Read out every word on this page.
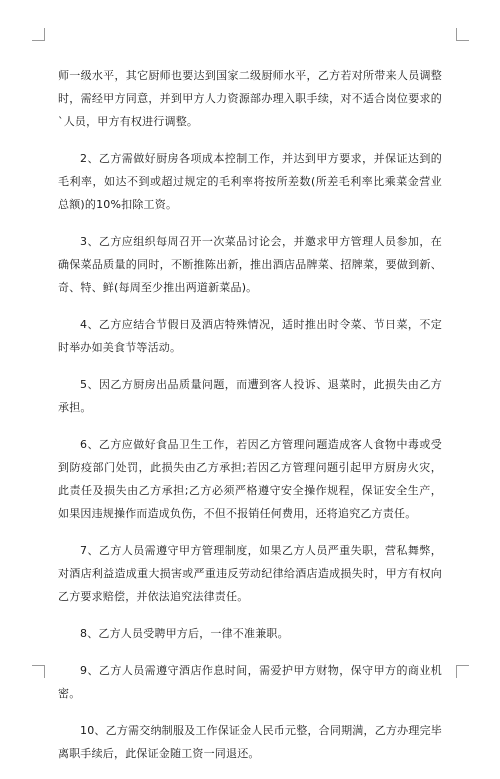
师一级水平，其它厨师也要达到国家二级厨师水平，乙方若对所带来人员调整时，需经甲方同意，并到甲方人力资源部办理入职手续，对不适合岗位要求的`人员，甲方有权进行调整。

2、乙方需做好厨房各项成本控制工作，并达到甲方要求，并保证达到的毛利率，如达不到或超过规定的毛利率将按所差数(所差毛利率比乘菜金营业总额)的10%扣除工资。

3、乙方应组织每周召开一次菜品讨论会，并邀求甲方管理人员参加，在确保菜品质量的同时，不断推陈出新，推出酒店品牌菜、招牌菜，要做到新、奇、特、鲜(每周至少推出两道新菜品)。

4、乙方应结合节假日及酒店特殊情况，适时推出时令菜、节日菜，不定时举办如美食节等活动。

5、因乙方厨房出品质量问题，而遭到客人投诉、退菜时，此损失由乙方承担。

6、乙方应做好食品卫生工作，若因乙方管理问题造成客人食物中毒或受到防疫部门处罚，此损失由乙方承担;若因乙方管理问题引起甲方厨房火灾，此责任及损失由乙方承担;乙方必须严格遵守安全操作规程，保证安全生产，如果因违规操作而造成负伤，不但不报销任何费用，还将追究乙方责任。

7、乙方人员需遵守甲方管理制度，如果乙方人员严重失职，营私舞弊，对酒店利益造成重大损害或严重违反劳动纪律给酒店造成损失时，甲方有权向乙方要求赔偿，并依法追究法律责任。

8、乙方人员受聘甲方后，一律不准兼职。

9、乙方人员需遵守酒店作息时间，需爱护甲方财物，保守甲方的商业机密。

10、乙方需交纳制服及工作保证金人民币元整，合同期满，乙方办理完毕离职手续后，此保证金随工资一同退还。
